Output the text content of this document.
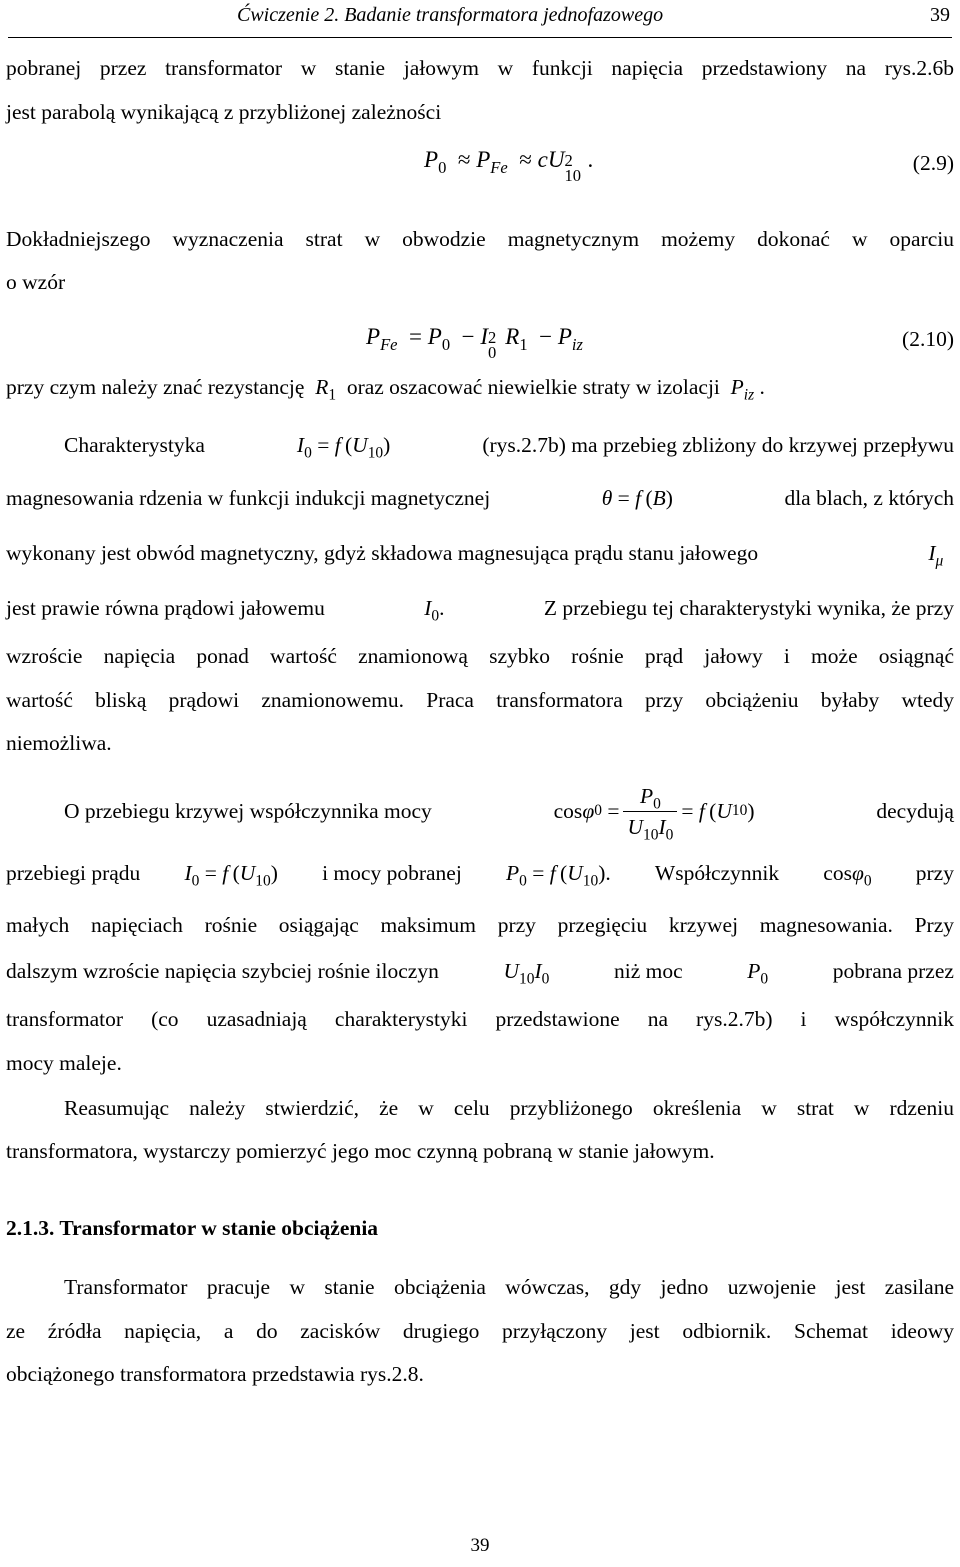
Ćwiczenie 2. Badanie transformatora jednofazowego	39
pobranej przez transformator w stanie jałowym w funkcji napięcia przedstawiony na rys.2.6b
jest parabolą wynikającą z przybliżonej zależności
$P_0 \approx P_{Fe}$  ≈ cU 2
10
.	(2.9)
Dokładniejszego wyznaczenia strat w obwodzie magnetycznym możemy dokonać w oparciu
o wzór
$P_{Fe} = P_0 - I$ 2
0
$R_1 - P_{iz}$	(2.10)
przy czym należy znać rezystancję $R_1$ oraz oszacować niewielkie straty w izolacji $P_{iz}$ .
Charakterystyka	$I_0 = f$ $(U_{10})$	(rys.2.7b) ma przebieg zbliżony do krzywej przepływu
magnesowania rdzenia w funkcji indukcji magnetycznej	θ = f (B)	dla blach, z których
wykonany jest obwód magnetyczny, gdyż składowa magnesująca prądu stanu jałowego	$I_\mu$
jest prawie równa prądowi jałowemu	$I_0$.	Z przebiegu tej charakterystyki wynika, że przy
wzroście napięcia ponad wartość znamionową szybko rośnie prąd jałowy i może osiągnąć
wartość bliską prądowi znamionowemu. Praca transformatora przy obciążeniu byłaby wtedy
niemożliwa.
O przebiegu krzywej współczynnika mocy	cos φ $0 = \frac{P_0}{U_{10}I_0} = f$  ( U 10 )	decydują
przebiegi prądu $I_0 = f$ $(U_{10})$ i mocy pobranej $P_0 = f$ $(U_{10})$. Współczynnik cosφ$_0$ przy
małych napięciach rośnie osiągając maksimum przy przegięciu krzywej magnesowania. Przy
dalszym wzroście napięcia szybciej rośnie iloczyn	$U_{10}I_0$	niż moc	$P_0$	pobrana przez
transformator (co uzasadniają charakterystyki przedstawione na rys.2.7b) i współczynnik
mocy maleje.
Reasumując należy stwierdzić, że w celu przybliżonego określenia w strat w rdzeniu
transformatora, wystarczy pomierzyć jego moc czynną pobraną w stanie jałowym.
2.1.3. Transformator w stanie obciążenia
Transformator pracuje w stanie obciążenia wówczas, gdy jedno uzwojenie jest zasilane
ze źródła napięcia, a do zacisków drugiego przyłączony jest odbiornik. Schemat ideowy
obciążonego transformatora przedstawia rys.2.8.
39
